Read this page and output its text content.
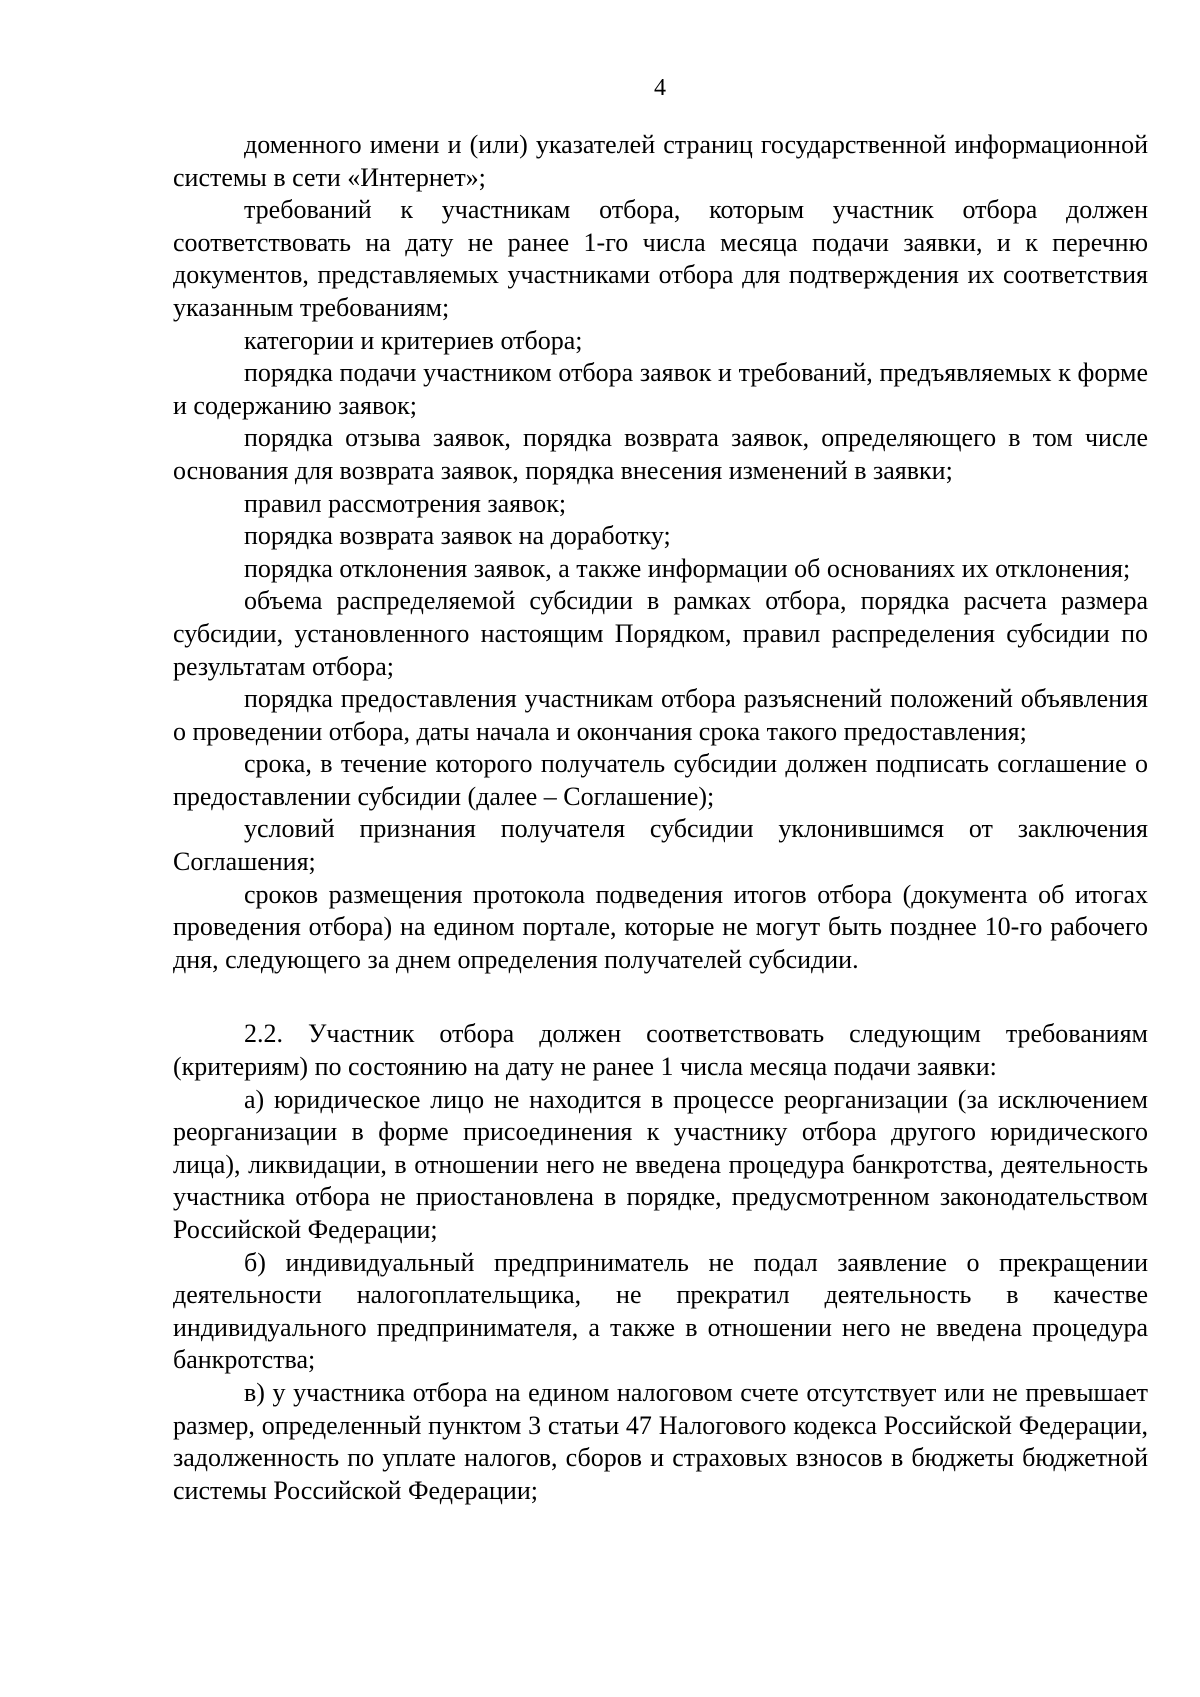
4

доменного имени и (или) указателей страниц государственной информационной системы в сети «Интернет»;

требований к участникам отбора, которым участник отбора должен соответствовать на дату не ранее 1-го числа месяца подачи заявки, и к перечню документов, представляемых участниками отбора для подтверждения их соответствия указанным требованиям;

категории и критериев отбора;

порядка подачи участником отбора заявок и требований, предъявляемых к форме и содержанию заявок;

порядка отзыва заявок, порядка возврата заявок, определяющего в том числе основания для возврата заявок, порядка внесения изменений в заявки;

правил рассмотрения заявок;

порядка возврата заявок на доработку;

порядка отклонения заявок, а также информации об основаниях их отклонения;

объема распределяемой субсидии в рамках отбора, порядка расчета размера субсидии, установленного настоящим Порядком, правил распределения субсидии по результатам отбора;

порядка предоставления участникам отбора разъяснений положений объявления о проведении отбора, даты начала и окончания срока такого предоставления;

срока, в течение которого получатель субсидии должен подписать соглашение о предоставлении субсидии (далее – Соглашение);

условий признания получателя субсидии уклонившимся от заключения Соглашения;

сроков размещения протокола подведения итогов отбора (документа об итогах проведения отбора) на едином портале, которые не могут быть позднее 10-го рабочего дня, следующего за днем определения получателей субсидии.

2.2. Участник отбора должен соответствовать следующим требованиям (критериям) по состоянию на дату не ранее 1 числа месяца подачи заявки:

а) юридическое лицо не находится в процессе реорганизации (за исключением реорганизации в форме присоединения к участнику отбора другого юридического лица), ликвидации, в отношении него не введена процедура банкротства, деятельность участника отбора не приостановлена в порядке, предусмотренном законодательством Российской Федерации;

б) индивидуальный предприниматель не подал заявление о прекращении деятельности налогоплательщика, не прекратил деятельность в качестве индивидуального предпринимателя, а также в отношении него не введена процедура банкротства;

в) у участника отбора на едином налоговом счете отсутствует или не превышает размер, определенный пунктом 3 статьи 47 Налогового кодекса Российской Федерации, задолженность по уплате налогов, сборов и страховых взносов в бюджеты бюджетной системы Российской Федерации;
